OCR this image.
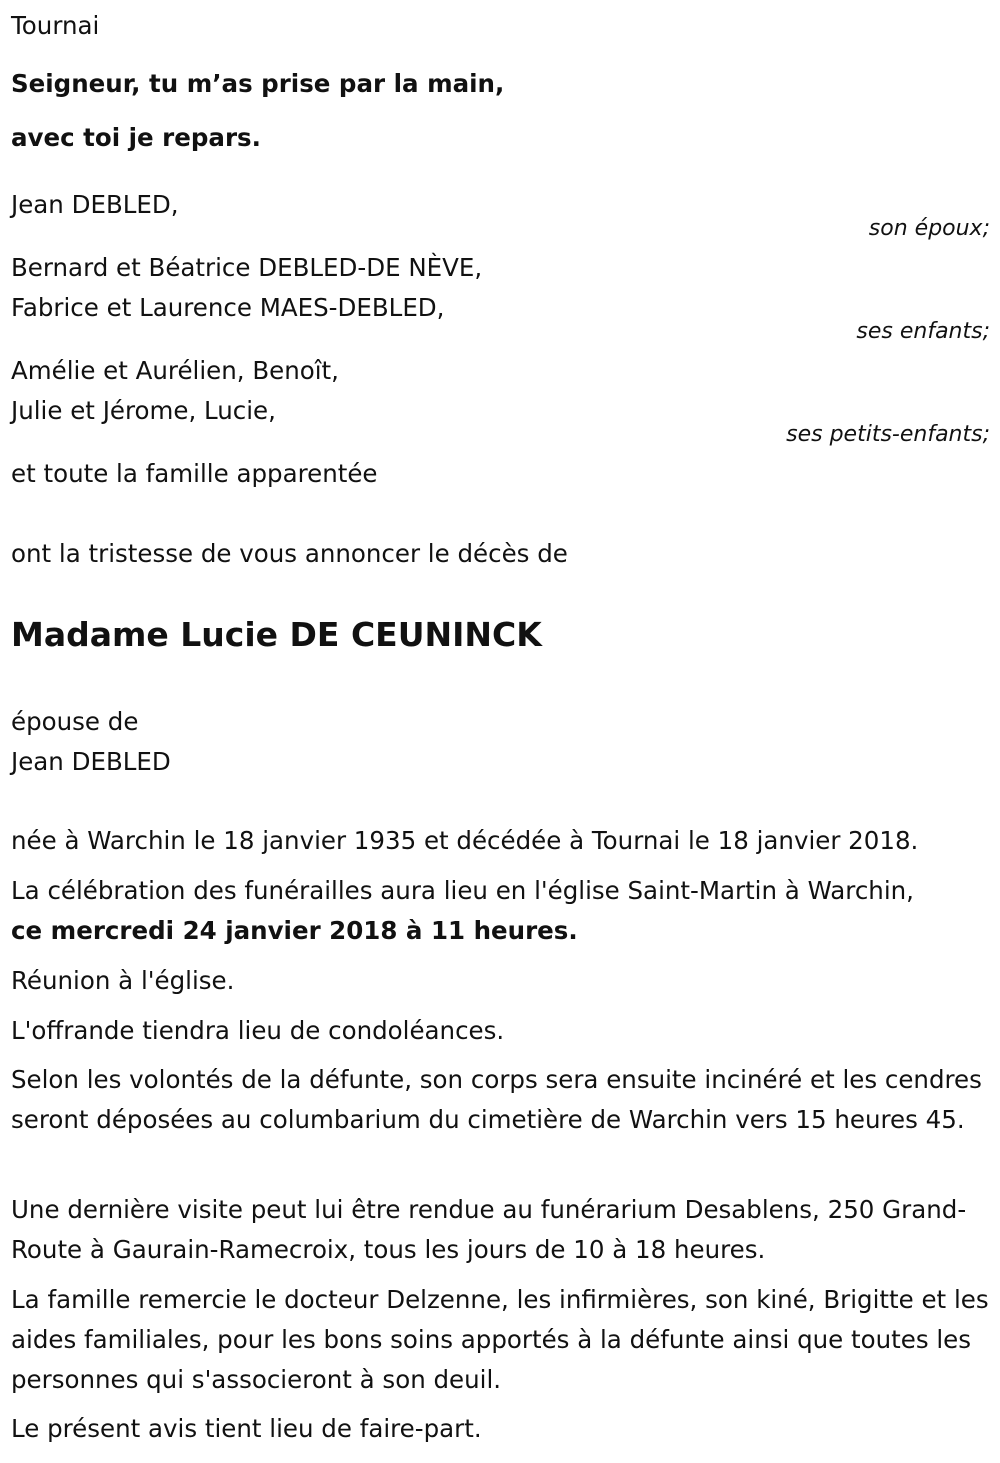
Tournai

Seigneur, tu m’as prise par la main,

avec toi je repars.

Jean DEBLED,
son époux;

Bernard et Béatrice DEBLED-DE NÈVE,

Fabrice et Laurence MAES-DEBLED,

ses enfants;

Amélie et Aurélien, Benoît,

Julie et Jérome, Lucie,

ses petits-enfants;
et toute la famille apparentée
ont la tristesse de vous annoncer le décès de
Madame Lucie DE CEUNINCK

épouse de

Jean DEBLED

née à Warchin le 18 janvier 1935 et décédée à Tournai le 18 janvier 2018.

La célébration des funérailles aura lieu en l'église Saint-Martin à Warchin,

ce mercredi 24 janvier 2018 à 11 heures.

Réunion à l'église.
L'offrande tiendra lieu de condoléances.
Selon les volontés de la défunte, son corps sera ensuite incinéré et les cendres seront déposées au columbarium du cimetière de Warchin vers 15 heures 45.
Une dernière visite peut lui être rendue au funérarium Desablens, 250 Grand-Route à Gaurain-Ramecroix, tous les jours de 10 à 18 heures.
La famille remercie le docteur Delzenne, les infirmières, son kiné, Brigitte et les aides familiales, pour les bons soins apportés à la défunte ainsi que toutes les personnes qui s'associeront à son deuil.
Le présent avis tient lieu de faire-part.
